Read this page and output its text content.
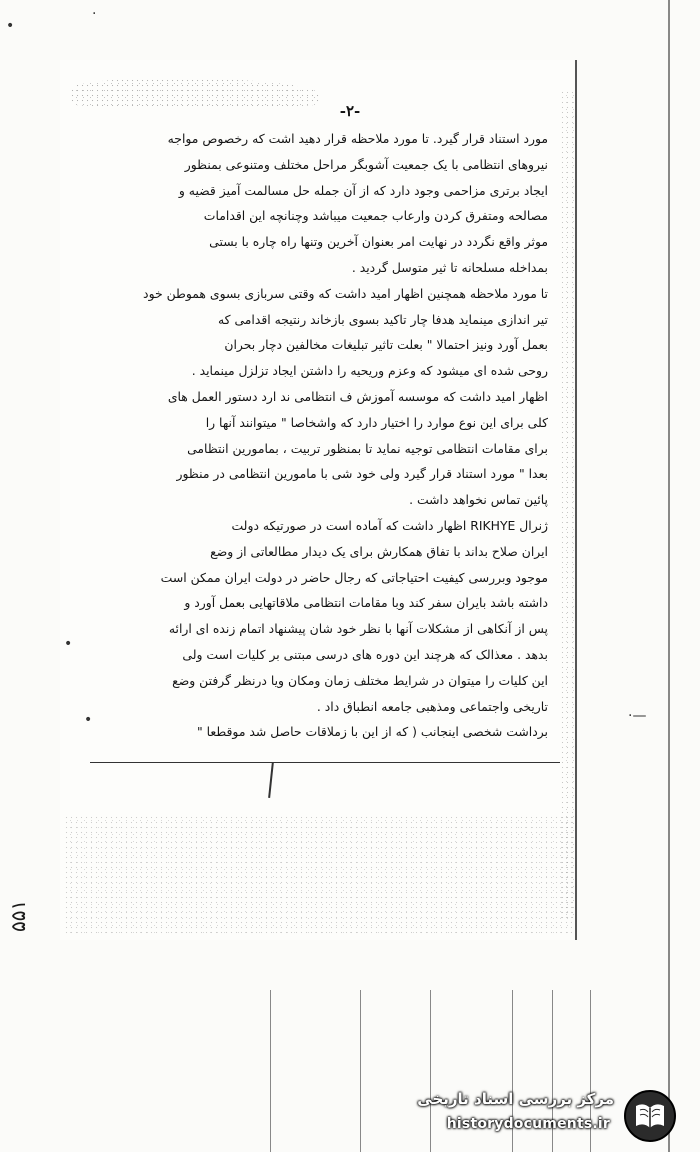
-۲-
مورد استناد قرار گیرد. تا مورد ملاحظه قرار دهید اشت که رخصوص مواجه
نیروهای انتظامی با یک جمعیت آشوبگر مراحل مختلف ومتنوعی بمنظور
ایجاد برتری مزاحمی وجود دارد که از آن جمله حل مسالمت آمیز قضیه و
مصالحه ومتفرق کردن وارعاب جمعیت میباشد وچنانچه این اقدامات
موثر واقع نگردد در نهایت امر بعنوان آخرین وتنها راه چاره با بستی
بمداخله مسلحانه تا ثیر متوسل گردید .
تا مورد ملاحظه همچنین اظهار امید داشت که وقتی سربازی بسوی هموطن خود
تیر اندازی مینماید هدفا چار تاکید بسوی بازخاند رنتیجه اقدامی که
بعمل آورد ونیز احتمالا " بعلت تاثیر تبلیغات مخالفین دچار بحران
روحی شده ای میشود که وعزم وریحیه را داشتن ایجاد تزلزل مینماید .
اظهار امید داشت که موسسه آموزش ف انتظامی ند ارد دستور العمل های
کلی برای این نوع موارد را اختیار دارد که واشخاصا " میتوانند آنها را
برای مقامات انتظامی توجیه نماید تا بمنظور تربیت ، بمامورین انتظامی
بعدا " مورد استناد قرار گیرد ولی خود شی با مامورین انتظامی در منظور
پائین تماس نخواهد داشت .
ژنرال RIKHYE اظهار داشت که آماده است در صورتیکه دولت
ایران صلاح بداند با تفاق همکارش برای یک دیدار مطالعاتی از وضع
موجود وبررسی کیفیت احتیاجاتی که رجال حاضر در دولت ایران ممکن است
داشته باشد بایران سفر کند وبا مقامات انتظامی ملاقاتهایی بعمل آورد و
پس از آنکاهی از مشکلات آنها با نظر خود شان پیشنهاد اتمام زنده ای ارائه
بدهد . معذالک که هرچند این دوره های درسی مبتنی بر کلیات است ولی
این کلیات را میتوان در شرایط مختلف زمان ومکان ویا درنظر گرفتن وضع
تاریخی واجتماعی ومذهبی جامعه انطباق داد .
برداشت شخصی اینجانب ( که از این با زملاقات حاصل شد موقطعا "
•
·
•
⋅—
•
۵۵۱
مرکز بررسی اسناد تاریخی
historydocuments.ir
